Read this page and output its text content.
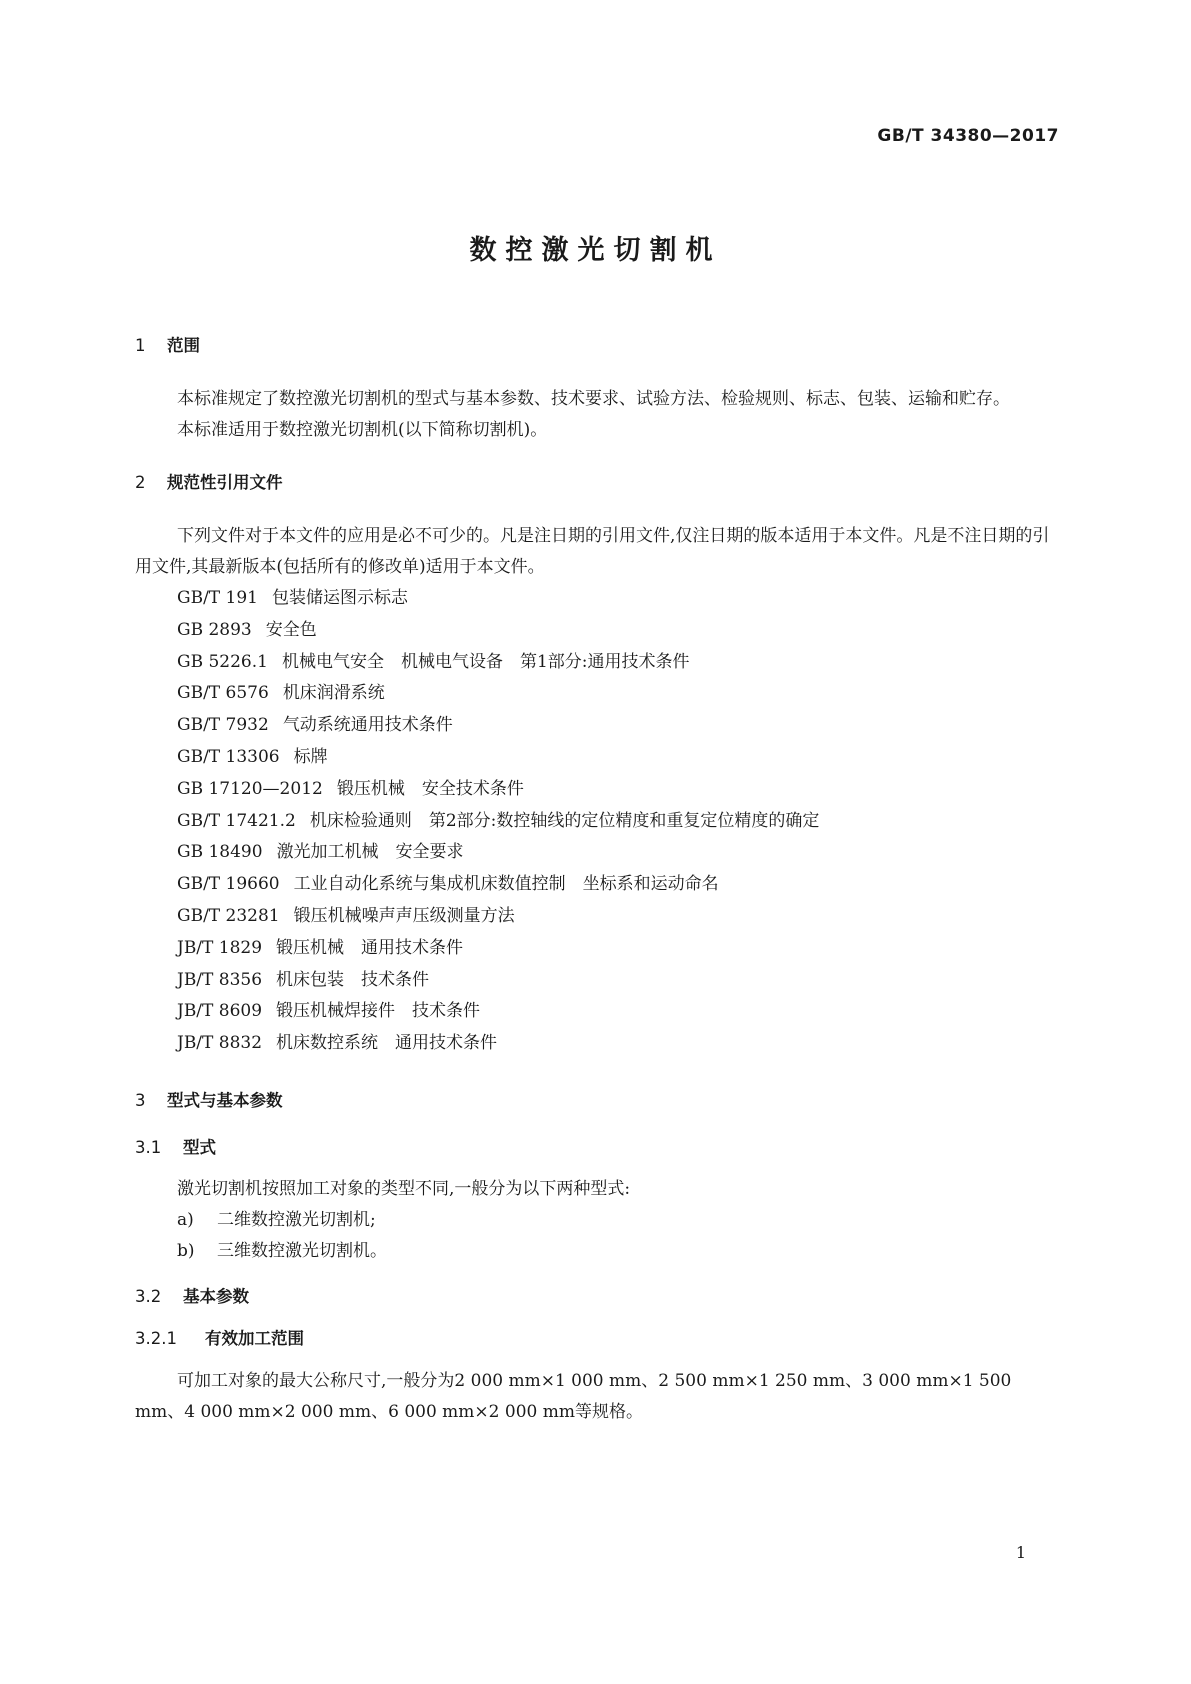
GB/T 34380—2017
数控激光切割机
1 范围

本标准规定了数控激光切割机的型式与基本参数、技术要求、试验方法、检验规则、标志、包装、运输和贮存。

本标准适用于数控激光切割机(以下简称切割机)。

2 规范性引用文件

下列文件对于本文件的应用是必不可少的。凡是注日期的引用文件,仅注日期的版本适用于本文件。凡是不注日期的引用文件,其最新版本(包括所有的修改单)适用于本文件。

GB/T 191 包装储运图示标志
GB 2893 安全色
GB 5226.1 机械电气安全　机械电气设备　第1部分:通用技术条件
GB/T 6576 机床润滑系统
GB/T 7932 气动系统通用技术条件
GB/T 13306 标牌
GB 17120—2012 锻压机械　安全技术条件
GB/T 17421.2 机床检验通则　第2部分:数控轴线的定位精度和重复定位精度的确定
GB 18490 激光加工机械　安全要求
GB/T 19660 工业自动化系统与集成机床数值控制　坐标系和运动命名
GB/T 23281 锻压机械噪声声压级测量方法
JB/T 1829 锻压机械　通用技术条件
JB/T 8356 机床包装　技术条件
JB/T 8609 锻压机械焊接件　技术条件
JB/T 8832 机床数控系统　通用技术条件
3 型式与基本参数
3.1 型式

激光切割机按照加工对象的类型不同,一般分为以下两种型式:

a) 二维数控激光切割机;
b) 三维数控激光切割机。
3.2 基本参数
3.2.1 有效加工范围

可加工对象的最大公称尺寸,一般分为2 000 mm×1 000 mm、2 500 mm×1 250 mm、3 000 mm×1 500 mm、4 000 mm×2 000 mm、6 000 mm×2 000 mm等规格。

1
